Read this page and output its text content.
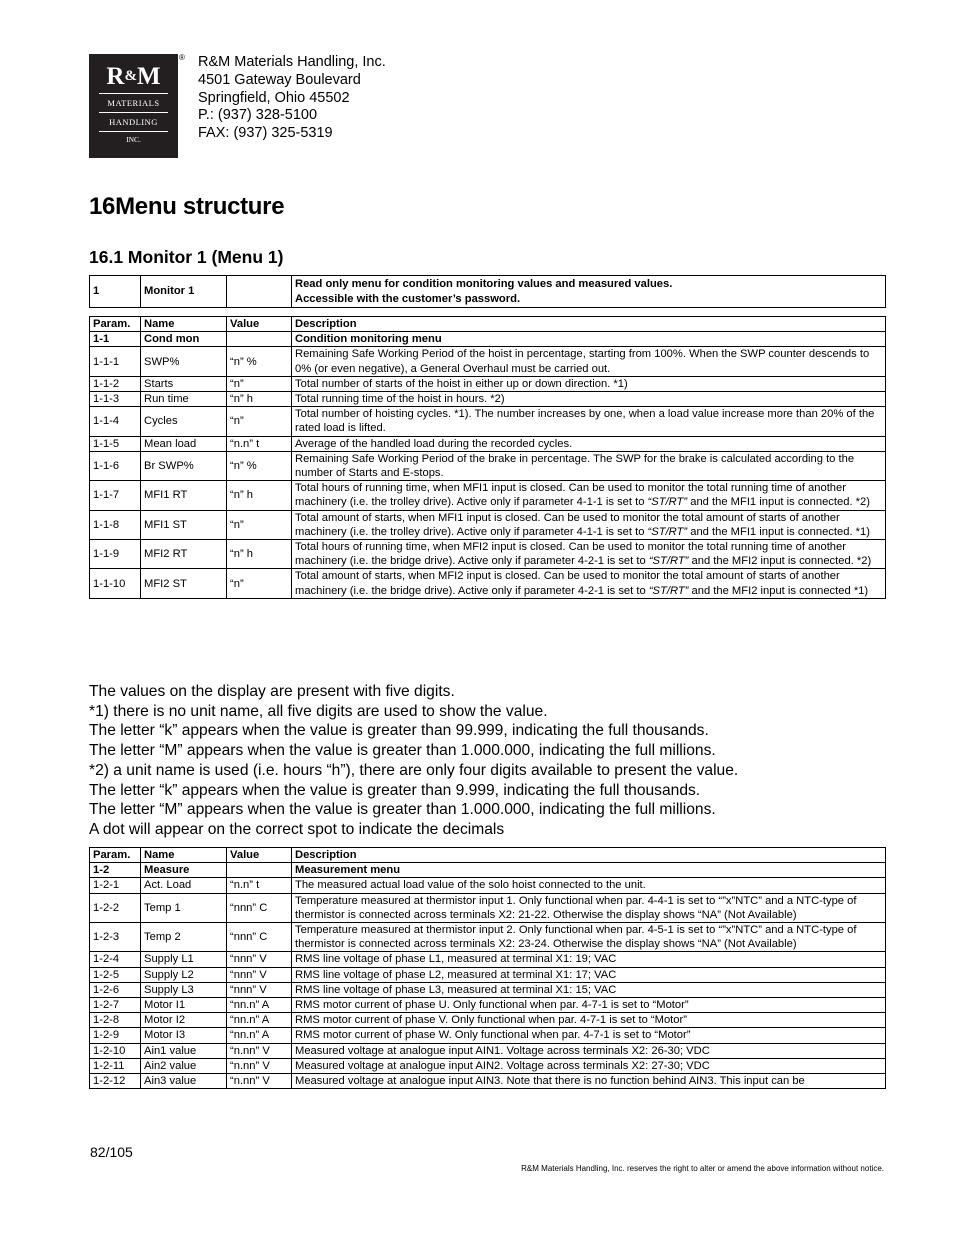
R&M
MATERIALS
HANDLING
INC.
® R&M Materials Handling, Inc.
4501 Gateway Boulevard
Springfield, Ohio 45502
P.: (937) 328-5100
FAX: (937) 325-5319
16Menu structure
16.1 Monitor 1 (Menu 1)
1	Monitor 1		
Read only menu for condition monitoring values and measured values.
Accessible with the customer’s password.
Param.	Name	Value	Description
1-1	Cond mon		Condition monitoring menu
1-1-1	SWP%	“n” %	Remaining Safe Working Period of the hoist in percentage, starting from 100%. When the SWP counter descends to 0% (or even negative), a General Overhaul must be carried out.
1-1-2	Starts	“n”	Total number of starts of the hoist in either up or down direction. *1)
1-1-3	Run time	“n” h	Total running time of the hoist in hours. *2)
1-1-4	Cycles	“n”	Total number of hoisting cycles. *1). The number increases by one, when a load value increase more than 20% of the rated load is lifted.
1-1-5	Mean load	“n.n” t	Average of the handled load during the recorded cycles.
1-1-6	Br SWP%	“n” %	Remaining Safe Working Period of the brake in percentage. The SWP for the brake is calculated according to the number of Starts and E-stops.
1-1-7	MFI1 RT	“n” h	Total hours of running time, when MFI1 input is closed. Can be used to monitor the total running time of another machinery (i.e. the trolley drive). Active only if parameter 4-1-1 is set to “ST/RT” and the MFI1 input is connected. *2)
1-1-8	MFI1 ST	“n”	Total amount of starts, when MFI1 input is closed. Can be used to monitor the total amount of starts of another machinery (i.e. the trolley drive). Active only if parameter 4-1-1 is set to “ST/RT” and the MFI1 input is connected. *1)
1-1-9	MFI2 RT	“n” h	Total hours of running time, when MFI2 input is closed. Can be used to monitor the total running time of another machinery (i.e. the bridge drive). Active only if parameter 4-2-1 is set to “ST/RT” and the MFI2 input is connected. *2)
1-1-10	MFI2 ST	“n”	Total amount of starts, when MFI2 input is closed. Can be used to monitor the total amount of starts of another machinery (i.e. the bridge drive). Active only if parameter 4-2-1 is set to “ST/RT” and the MFI2 input is connected *1)
The values on the display are present with five digits.
*1) there is no unit name, all five digits are used to show the value.
The letter “k” appears when the value is greater than 99.999, indicating the full thousands.
The letter “M” appears when the value is greater than 1.000.000, indicating the full millions.
*2) a unit name is used (i.e. hours “h”), there are only four digits available to present the value.
The letter “k” appears when the value is greater than 9.999, indicating the full thousands.
The letter “M” appears when the value is greater than 1.000.000, indicating the full millions.
A dot will appear on the correct spot to indicate the decimals
Param.	Name	Value	Description
1-2	Measure		Measurement menu
1-2-1	Act. Load	“n.n” t	The measured actual load value of the solo hoist connected to the unit.
1-2-2	Temp 1	“nnn” C	Temperature measured at thermistor input 1. Only functional when par. 4-4-1 is set to “”x”NTC” and a NTC-type of thermistor is connected across terminals X2: 21-22. Otherwise the display shows “NA” (Not Available)
1-2-3	Temp 2	“nnn” C	Temperature measured at thermistor input 2. Only functional when par. 4-5-1 is set to “”x”NTC” and a NTC-type of thermistor is connected across terminals X2: 23-24. Otherwise the display shows “NA” (Not Available)
1-2-4	Supply L1	“nnn” V	RMS line voltage of phase L1, measured at terminal X1: 19; VAC
1-2-5	Supply L2	“nnn” V	RMS line voltage of phase L2, measured at terminal X1: 17; VAC
1-2-6	Supply L3	“nnn” V	RMS line voltage of phase L3, measured at terminal X1: 15; VAC
1-2-7	Motor I1	“nn.n” A	RMS motor current of phase U. Only functional when par. 4-7-1 is set to “Motor”
1-2-8	Motor I2	“nn.n” A	RMS motor current of phase V. Only functional when par. 4-7-1 is set to “Motor”
1-2-9	Motor I3	“nn.n” A	RMS motor current of phase W. Only functional when par. 4-7-1 is set to “Motor”
1-2-10	Ain1 value	“n.nn” V	Measured voltage at analogue input AIN1. Voltage across terminals X2: 26-30; VDC
1-2-11	Ain2 value	“n.nn” V	Measured voltage at analogue input AIN2. Voltage across terminals X2: 27-30; VDC
1-2-12	Ain3 value	“n.nn” V	Measured voltage at analogue input AIN3. Note that there is no function behind AIN3. This input can be
82/105
R&M Materials Handling, Inc. reserves the right to alter or amend the above information without notice.
